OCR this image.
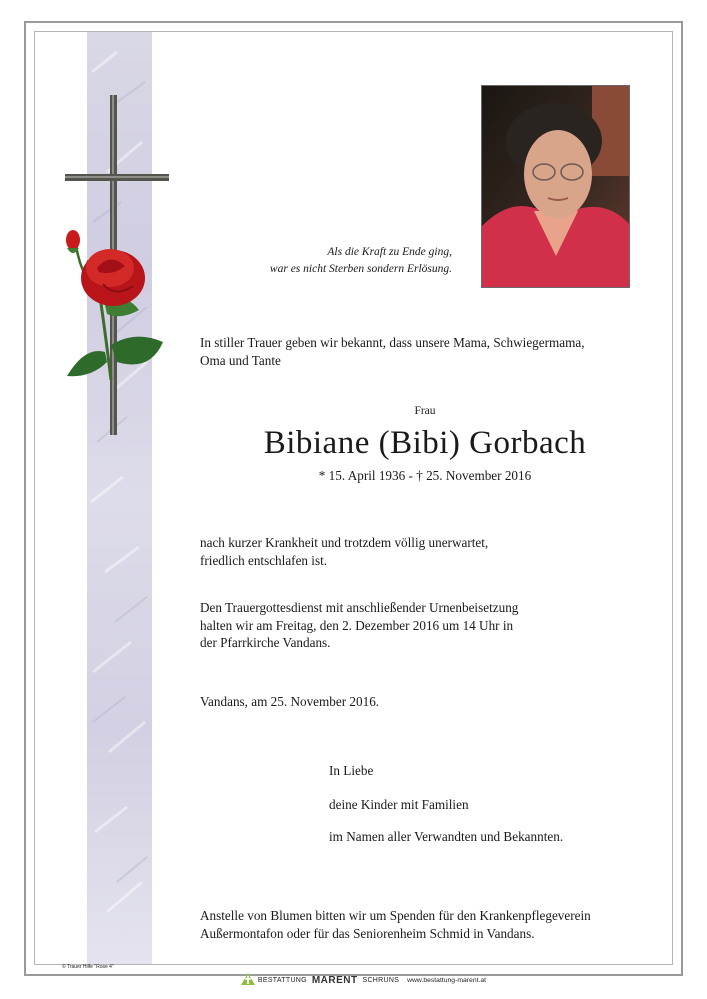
Als die Kraft zu Ende ging,
war es nicht Sterben sondern Erlösung.
In stiller Trauer geben wir bekannt, dass unsere Mama, Schwiegermama,
Oma und Tante
Frau
Bibiane (Bibi) Gorbach
* 15. April 1936 - † 25. November 2016
nach kurzer Krankheit und trotzdem völlig unerwartet,
friedlich entschlafen ist.
Den Trauergottesdienst mit anschließender Urnenbeisetzung
halten wir am Freitag, den 2. Dezember 2016 um 14 Uhr in
der Pfarrkirche Vandans.
Vandans, am 25. November 2016.
In Liebe
deine Kinder mit Familien
im Namen aller Verwandten und Bekannten.
Anstelle von Blumen bitten wir um Spenden für den Krankenpflegeverein
Außermontafon oder für das Seniorenheim Schmid in Vandans.
© Trauer Hilfe "Rose 4"
BESTATTUNG MARENT SCHRUNS www.bestattung-marent.at
